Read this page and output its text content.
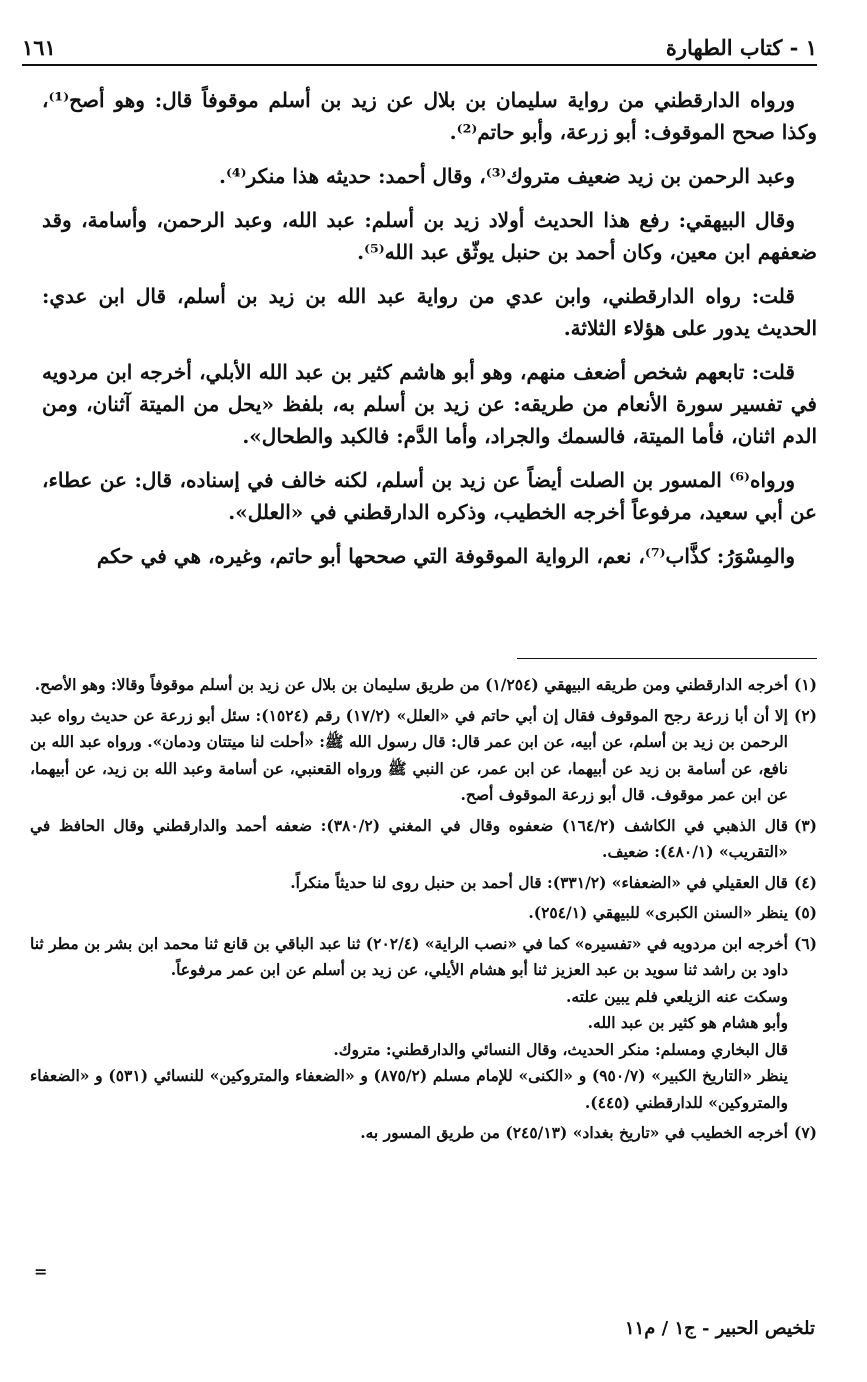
١ - كتاب الطهارة
١٦١

ورواه الدارقطني من رواية سليمان بن بلال عن زيد بن أسلم موقوفاً قال: وهو أصح⁽¹⁾، وكذا صحح الموقوف: أبو زرعة، وأبو حاتم⁽²⁾.

وعبد الرحمن بن زيد ضعيف متروك⁽³⁾، وقال أحمد: حديثه هذا منكر⁽⁴⁾.

وقال البيهقي: رفع هذا الحديث أولاد زيد بن أسلم: عبد الله، وعبد الرحمن، وأسامة، وقد ضعفهم ابن معين، وكان أحمد بن حنبل يوثّق عبد الله⁽⁵⁾.

قلت: رواه الدارقطني، وابن عدي من رواية عبد الله بن زيد بن أسلم، قال ابن عدي: الحديث يدور على هؤلاء الثلاثة.

قلت: تابعهم شخص أضعف منهم، وهو أبو هاشم كثير بن عبد الله الأبلي، أخرجه ابن مردويه في تفسير سورة الأنعام من طريقه: عن زيد بن أسلم به، بلفظ «يحل من الميتة آثنان، ومن الدم اثنان، فأما الميتة، فالسمك والجراد، وأما الدَّم: فالكبد والطحال».

ورواه⁽⁶⁾ المسور بن الصلت أيضاً عن زيد بن أسلم، لكنه خالف في إسناده، قال: عن عطاء، عن أبي سعيد، مرفوعاً أخرجه الخطيب، وذكره الدارقطني في «العلل».

والمِسْوَرُ: كذَّاب⁽⁷⁾، نعم، الرواية الموقوفة التي صححها أبو حاتم، وغيره، هي في حكم

(١)
أخرجه الدارقطني ومن طريقه البيهقي (١/٢٥٤) من طريق سليمان بن بلال عن زيد بن أسلم موقوفاً وقالا: وهو الأصح.
(٢)
إلا أن أبا زرعة رجح الموقوف فقال إن أبي حاتم في «العلل» (١٧/٢) رقم (١٥٢٤): سئل أبو زرعة عن حديث رواه عبد الرحمن بن زيد بن أسلم، عن أبيه، عن ابن عمر قال: قال رسول الله ﷺ: «أحلت لنا ميتتان ودمان». ورواه عبد الله بن نافع، عن أسامة بن زيد عن أبيهما، عن ابن عمر، عن النبي ﷺ ورواه القعنبي، عن أسامة وعبد الله بن زيد، عن أبيهما، عن ابن عمر موقوف. قال أبو زرعة الموقوف أصح.
(٣)
قال الذهبي في الكاشف (١٦٤/٢) ضعفوه وقال في المغني (٣٨٠/٢): ضعفه أحمد والدارقطني وقال الحافظ في «التقريب» (٤٨٠/١): ضعيف.
(٤)
قال العقيلي في «الضعفاء» (٣٣١/٢): قال أحمد بن حنبل روى لنا حديثاً منكراً.
(٥)
ينظر «السنن الكبرى» للبيهقي (٢٥٤/١).
(٦)
أخرجه ابن مردويه في «تفسيره» كما في «نصب الراية» (٢٠٢/٤) ثنا عبد الباقي بن قانع ثنا محمد ابن بشر بن مطر ثنا داود بن راشد ثنا سويد بن عبد العزيز ثنا أبو هشام الأيلي، عن زيد بن أسلم عن ابن عمر مرفوعاً.
وسكت عنه الزيلعي فلم يبين علته.
وأبو هشام هو كثير بن عبد الله.
قال البخاري ومسلم: منكر الحديث، وقال النسائي والدارقطني: متروك.
ينظر «التاريخ الكبير» (٩٥٠/٧) و «الكنى» للإمام مسلم (٨٧٥/٢) و «الضعفاء والمتروكين» للنسائي (٥٣١) و «الضعفاء والمتروكين» للدارقطني (٤٤٥).
(٧)
أخرجه الخطيب في «تاريخ بغداد» (٢٤٥/١٣) من طريق المسور به.
=
تلخيص الحبير - ج١ / م١١
